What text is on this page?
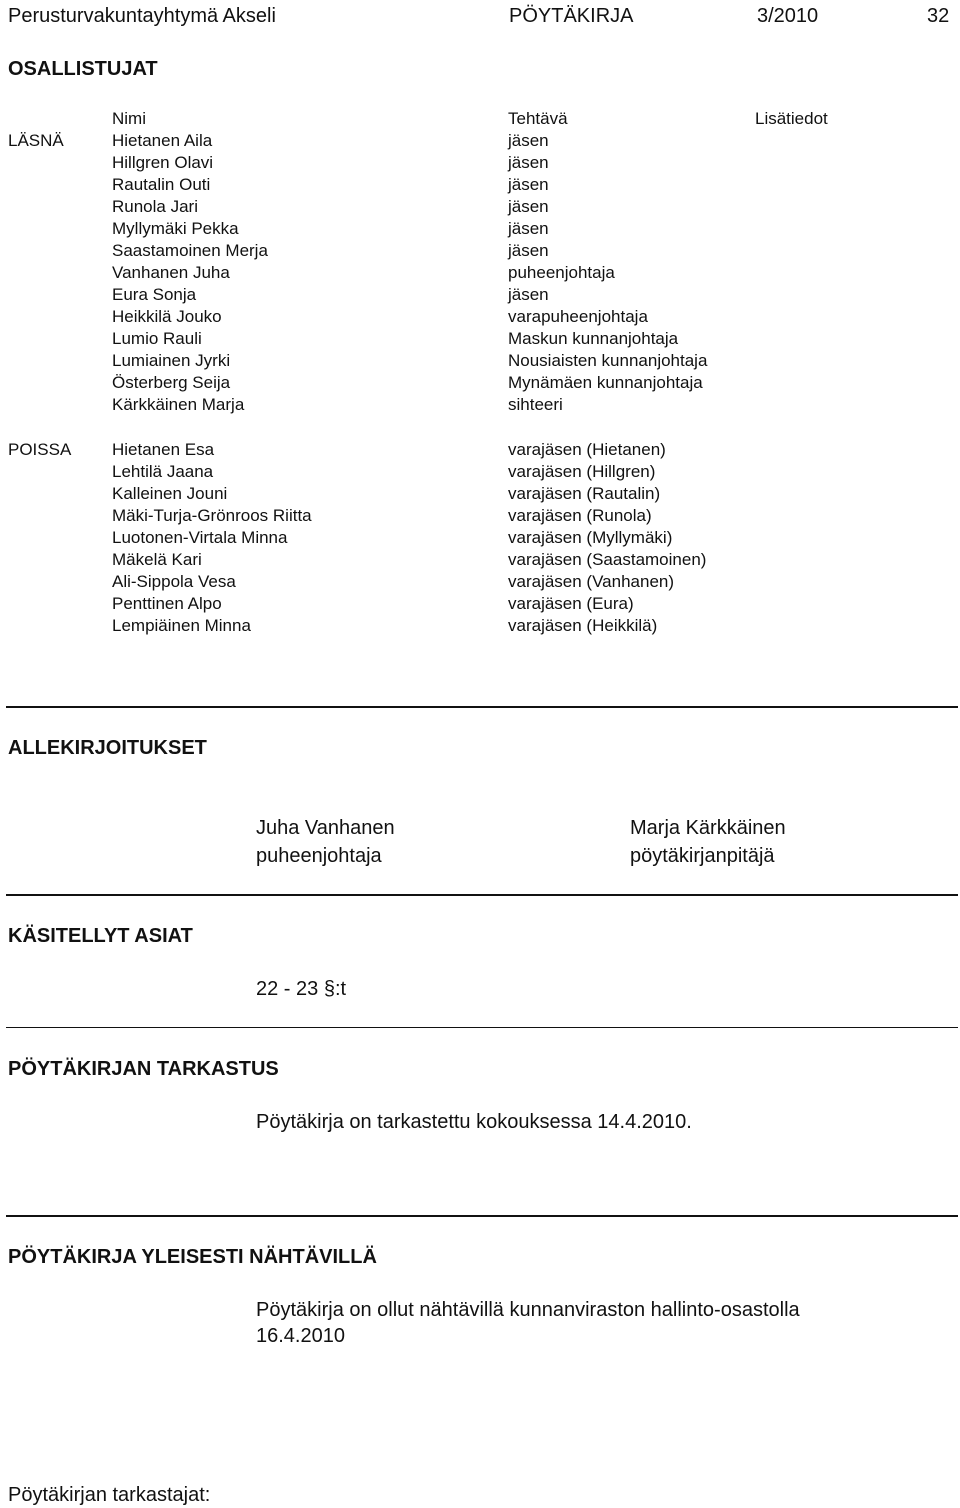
Perusturvakuntayhtymä Akseli	PÖYTÄKIRJA	3/2010	32
OSALLISTUJAT
Nimi	Tehtävä	Lisätiedot
LÄSNÄ	Hietanen Aila	jäsen
Hillgren Olavi	jäsen
Rautalin Outi	jäsen
Runola Jari	jäsen
Myllymäki Pekka	jäsen
Saastamoinen Merja	jäsen
Vanhanen Juha	puheenjohtaja
Eura Sonja	jäsen
Heikkilä Jouko	varapuheenjohtaja
Lumio Rauli	Maskun kunnanjohtaja
Lumiainen Jyrki	Nousiaisten kunnanjohtaja
Österberg Seija	Mynämäen kunnanjohtaja
Kärkkäinen Marja	sihteeri
POISSA Hietanen Esa	varajäsen (Hietanen)
Lehtilä Jaana	varajäsen (Hillgren)
Kalleinen Jouni	varajäsen (Rautalin)
Mäki-Turja-Grönroos Riitta	varajäsen (Runola)
Luotonen-Virtala Minna	varajäsen (Myllymäki)
Mäkelä Kari	varajäsen (Saastamoinen)
Ali-Sippola Vesa	varajäsen (Vanhanen)
Penttinen Alpo	varajäsen (Eura)
Lempiäinen Minna	varajäsen (Heikkilä)
ALLEKIRJOITUKSET
Juha Vanhanen
puheenjohtaja
Marja Kärkkäinen
pöytäkirjanpitäjä
KÄSITELLYT ASIAT
22 - 23 §:t
PÖYTÄKIRJAN TARKASTUS
Pöytäkirja on tarkastettu kokouksessa 14.4.2010.
PÖYTÄKIRJA YLEISESTI NÄHTÄVILLÄ
Pöytäkirja on ollut nähtävillä kunnanviraston hallinto-osastolla
16.4.2010
Pöytäkirjan tarkastajat:
